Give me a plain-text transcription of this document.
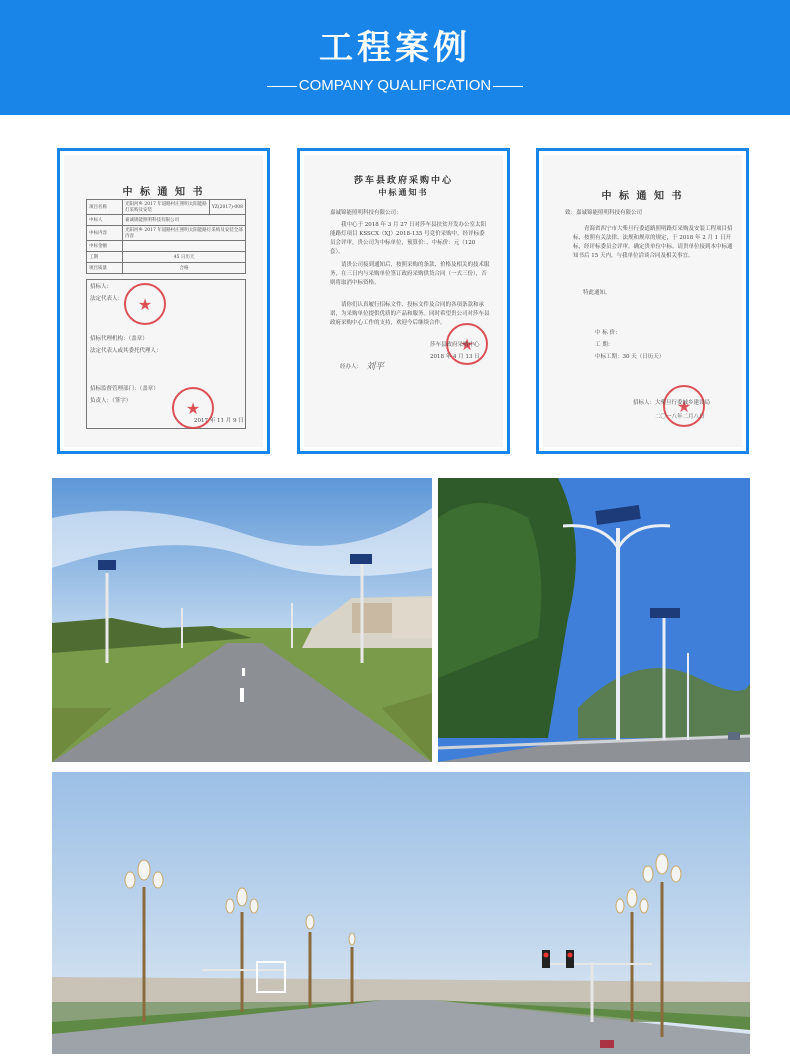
工程案例
COMPANY QUALIFICATION
中 标 通 知 书
项目名称	光阳河乡 2017 年道路村庄照明太阳能路灯采购及安装	YZ(2017)-008
中标人	嘉诚锦能照明科技有限公司	
中标内容	光阳河乡 2017 年道路村庄照明太阳能路灯采购及安装全部内容	
中标金额		
工期	45 日历天	
项目质量	合格	
招标人：
法定代表人：
招标代理机构：（盖章）
法定代表人或其委托代理人：
招标监督管理部门：（盖章）
负责人：（签字）
★
★
2017 年 11 月 9 日
莎车县政府采购中心
中标通知书
嘉诚锦能照明科技有限公司：
我中心于 2018 年 3 月 27 日对莎车县扶贫开发办公室太阳能路灯项目 KSSCX（XJ）2018-135 号竞价采购中，经评标委员会评审，贵公司为中标单位，预算价：、中标价：元（120 套）。
请贵公司接到通知后，按照采购的条款、价格及相关的技术服务，在三日内与采购单位签订政府采购供货合同（一式三份），否则将取消中标资格。
请你们认真履行招标文件、投标文件及合同的各项条款和承诺，为采购单位提供优质的产品和服务。同时希望贵公司对莎车县政府采购中心工作的支持，欢迎今后继续合作。
★
莎车县政府采购中心
2018 年 4 月 13 日
经办人： 刘平
中 标 通 知 书
致：嘉诚锦能照明科技有限公司
青海省西宁市大柴旦行委道路照明路灯采购及安装工程项目招标，按照有关法律、法规和规章的规定，于 2018 年 2 月 1 日开标，经评标委员会评审，确定贵单位中标。请贵单位接到本中标通知书后 15 天内，与我单位洽谈合同及相关事宜。
特此通知。
中 标 价：
工 期：
中标工期：30 天（日历天）
★
招标人：大柴旦行委城乡建设局
二〇一八年二月八日
